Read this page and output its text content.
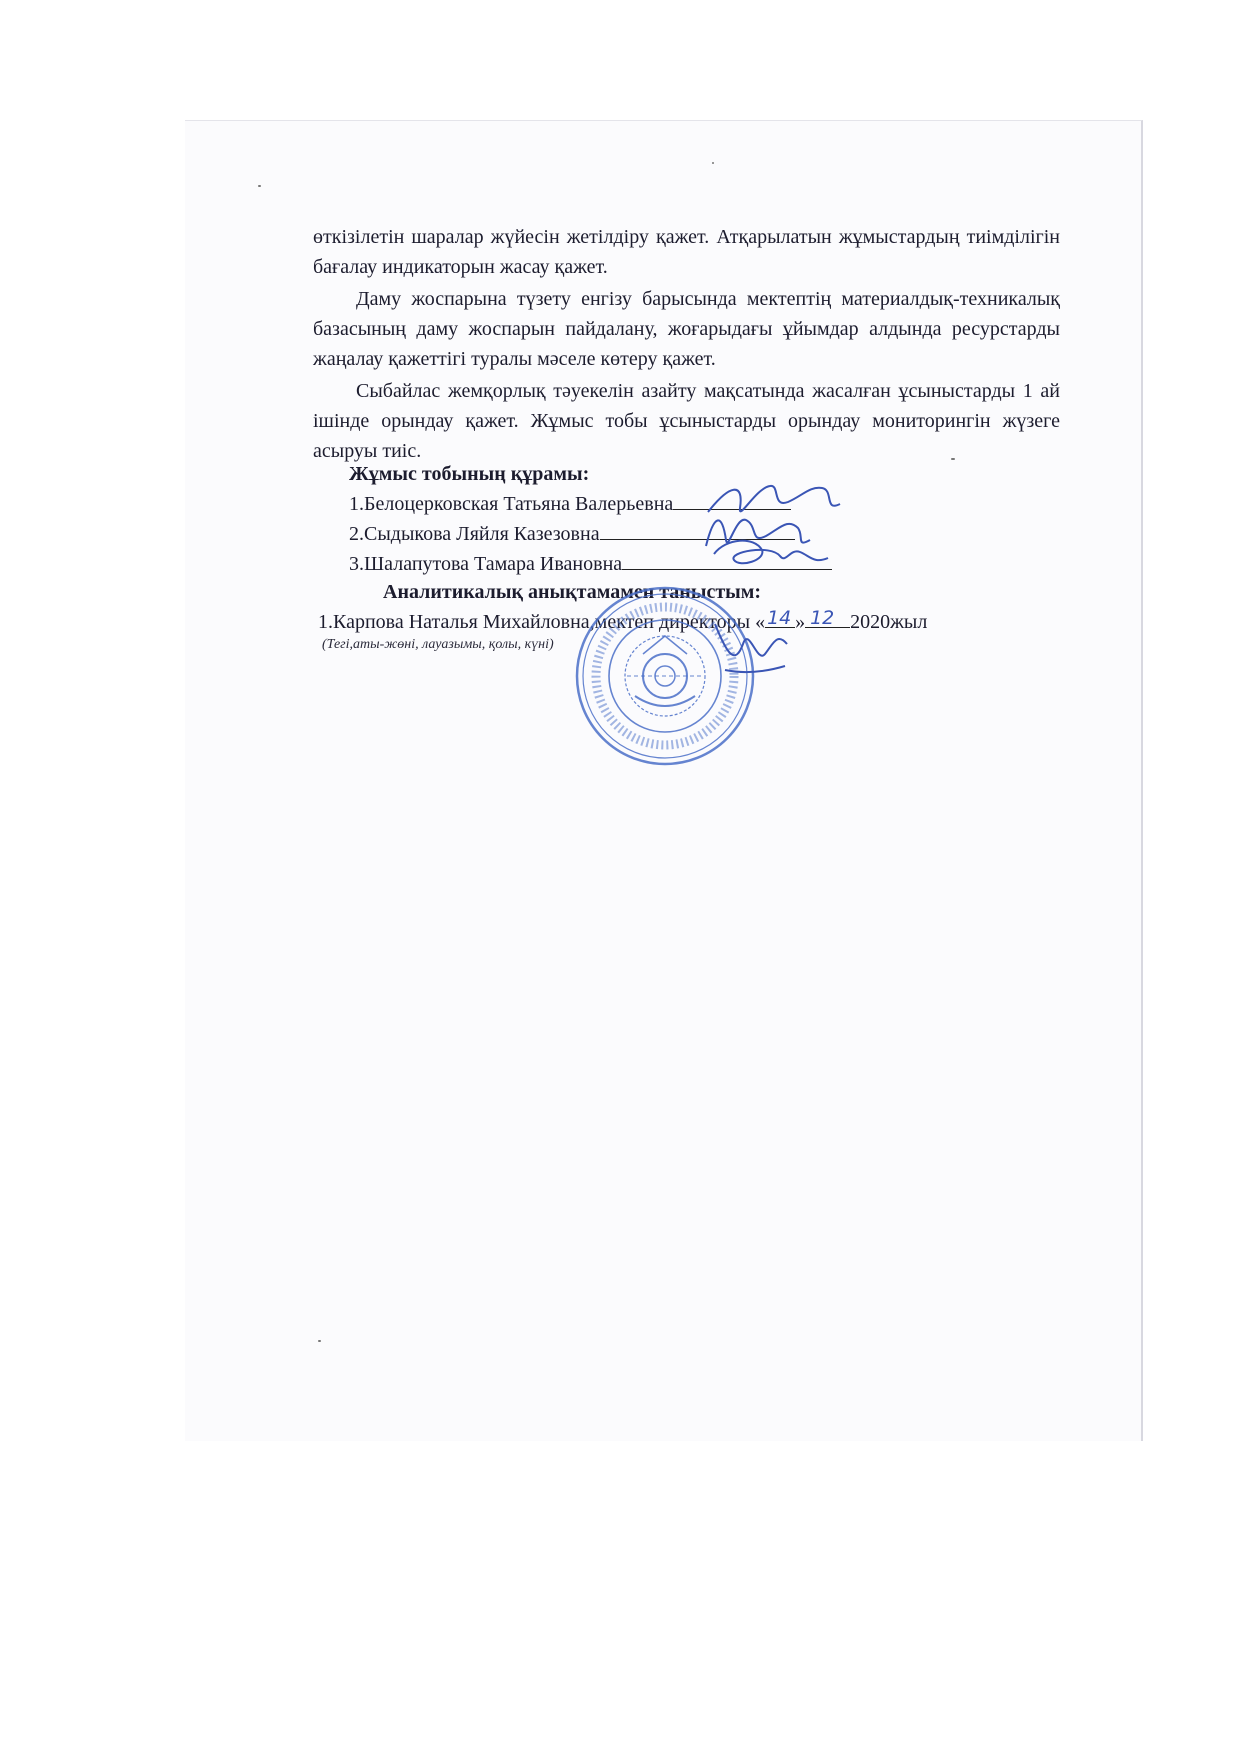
өткізілетін шаралар жүйесін жетілдіру қажет. Атқарылатын жұмыстардың тиімділігін бағалау индикаторын жасау қажет.

Даму жоспарына түзету енгізу барысында мектептің материалдық-техникалық базасының даму жоспарын пайдалану, жоғарыдағы ұйымдар алдында ресурстарды жаңалау қажеттігі туралы мәселе көтеру қажет.

Сыбайлас жемқорлық тәуекелін азайту мақсатында жасалған ұсыныстарды 1 ай ішінде орындау қажет. Жұмыс тобы ұсыныстарды орындау мониторингін жүзеге асыруы тиіс.

Жұмыс тобының құрамы:
1.Белоцерковская Татьяна Валерьевна
2.Сыдыкова Ляйля Казезовна
3.Шалапутова Тамара Ивановна
Аналитикалық анықтамамен таныстым:
1.Карпова Наталья Михайловна,мектеп директоры « 14 » 12 2020жыл
(Тегі,аты-жөні, лауазымы, қолы, күні)
